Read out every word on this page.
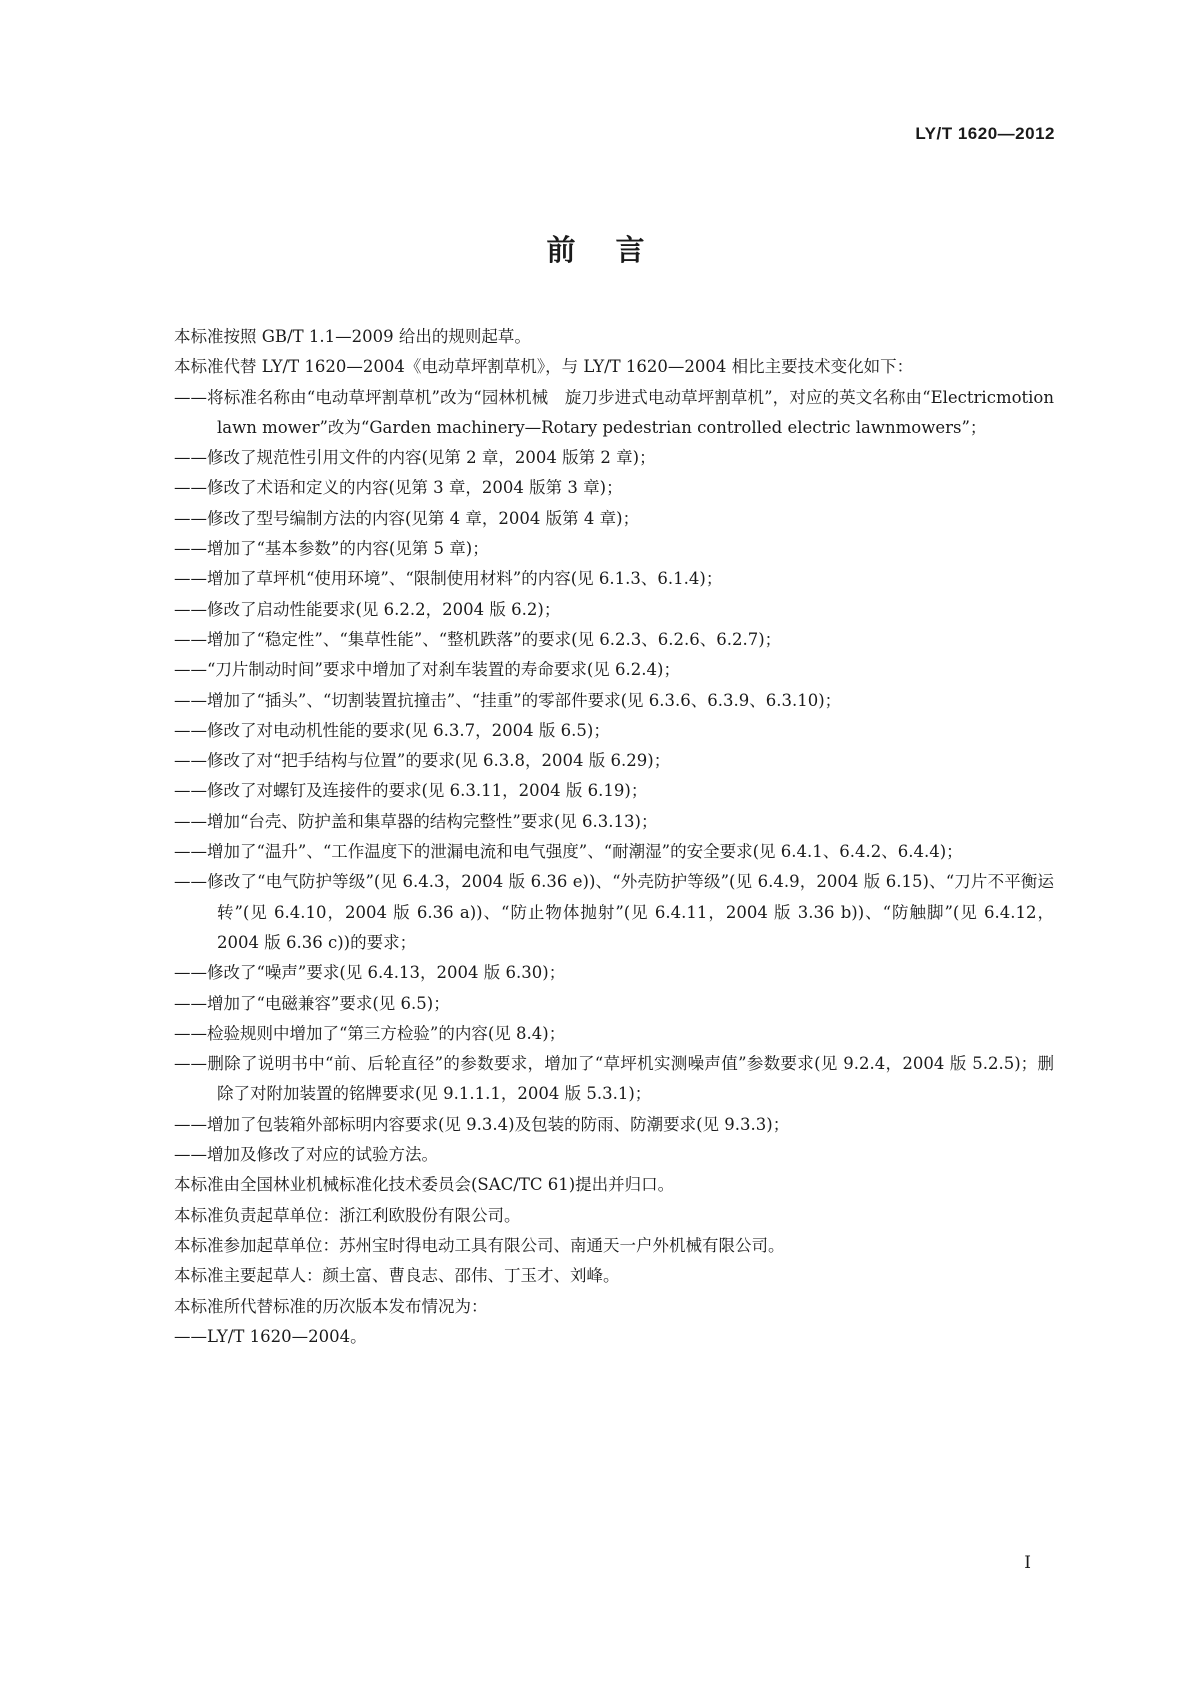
LY/T 1620—2012
前言

本标准按照 GB/T 1.1—2009 给出的规则起草。

本标准代替 LY/T 1620—2004《电动草坪割草机》，与 LY/T 1620—2004 相比主要技术变化如下：

——将标准名称由“电动草坪割草机”改为“园林机械　旋刀步进式电动草坪割草机”，对应的英文名称由“Electricmotion lawn mower”改为“Garden machinery—Rotary pedestrian controlled electric lawnmowers”；

——修改了规范性引用文件的内容(见第 2 章，2004 版第 2 章)；

——修改了术语和定义的内容(见第 3 章，2004 版第 3 章)；

——修改了型号编制方法的内容(见第 4 章，2004 版第 4 章)；

——增加了“基本参数”的内容(见第 5 章)；

——增加了草坪机“使用环境”、“限制使用材料”的内容(见 6.1.3、6.1.4)；

——修改了启动性能要求(见 6.2.2，2004 版 6.2)；

——增加了“稳定性”、“集草性能”、“整机跌落”的要求(见 6.2.3、6.2.6、6.2.7)；

——“刀片制动时间”要求中增加了对刹车装置的寿命要求(见 6.2.4)；

——增加了“插头”、“切割装置抗撞击”、“挂重”的零部件要求(见 6.3.6、6.3.9、6.3.10)；

——修改了对电动机性能的要求(见 6.3.7，2004 版 6.5)；

——修改了对“把手结构与位置”的要求(见 6.3.8，2004 版 6.29)；

——修改了对螺钉及连接件的要求(见 6.3.11，2004 版 6.19)；

——增加“台壳、防护盖和集草器的结构完整性”要求(见 6.3.13)；

——增加了“温升”、“工作温度下的泄漏电流和电气强度”、“耐潮湿”的安全要求(见 6.4.1、6.4.2、6.4.4)；

——修改了“电气防护等级”(见 6.4.3，2004 版 6.36 e))、“外壳防护等级”(见 6.4.9，2004 版 6.15)、“刀片不平衡运转”(见 6.4.10，2004 版 6.36 a))、“防止物体抛射”(见 6.4.11，2004 版 3.36 b))、“防触脚”(见 6.4.12，2004 版 6.36 c))的要求；

——修改了“噪声”要求(见 6.4.13，2004 版 6.30)；

——增加了“电磁兼容”要求(见 6.5)；

——检验规则中增加了“第三方检验”的内容(见 8.4)；

——删除了说明书中“前、后轮直径”的参数要求，增加了“草坪机实测噪声值”参数要求(见 9.2.4，2004 版 5.2.5)；删除了对附加装置的铭牌要求(见 9.1.1.1，2004 版 5.3.1)；

——增加了包装箱外部标明内容要求(见 9.3.4)及包装的防雨、防潮要求(见 9.3.3)；

——增加及修改了对应的试验方法。

本标准由全国林业机械标准化技术委员会(SAC/TC 61)提出并归口。

本标准负责起草单位：浙江利欧股份有限公司。

本标准参加起草单位：苏州宝时得电动工具有限公司、南通天一户外机械有限公司。

本标准主要起草人：颜土富、曹良志、邵伟、丁玉才、刘峰。

本标准所代替标准的历次版本发布情况为：

——LY/T 1620—2004。

I
